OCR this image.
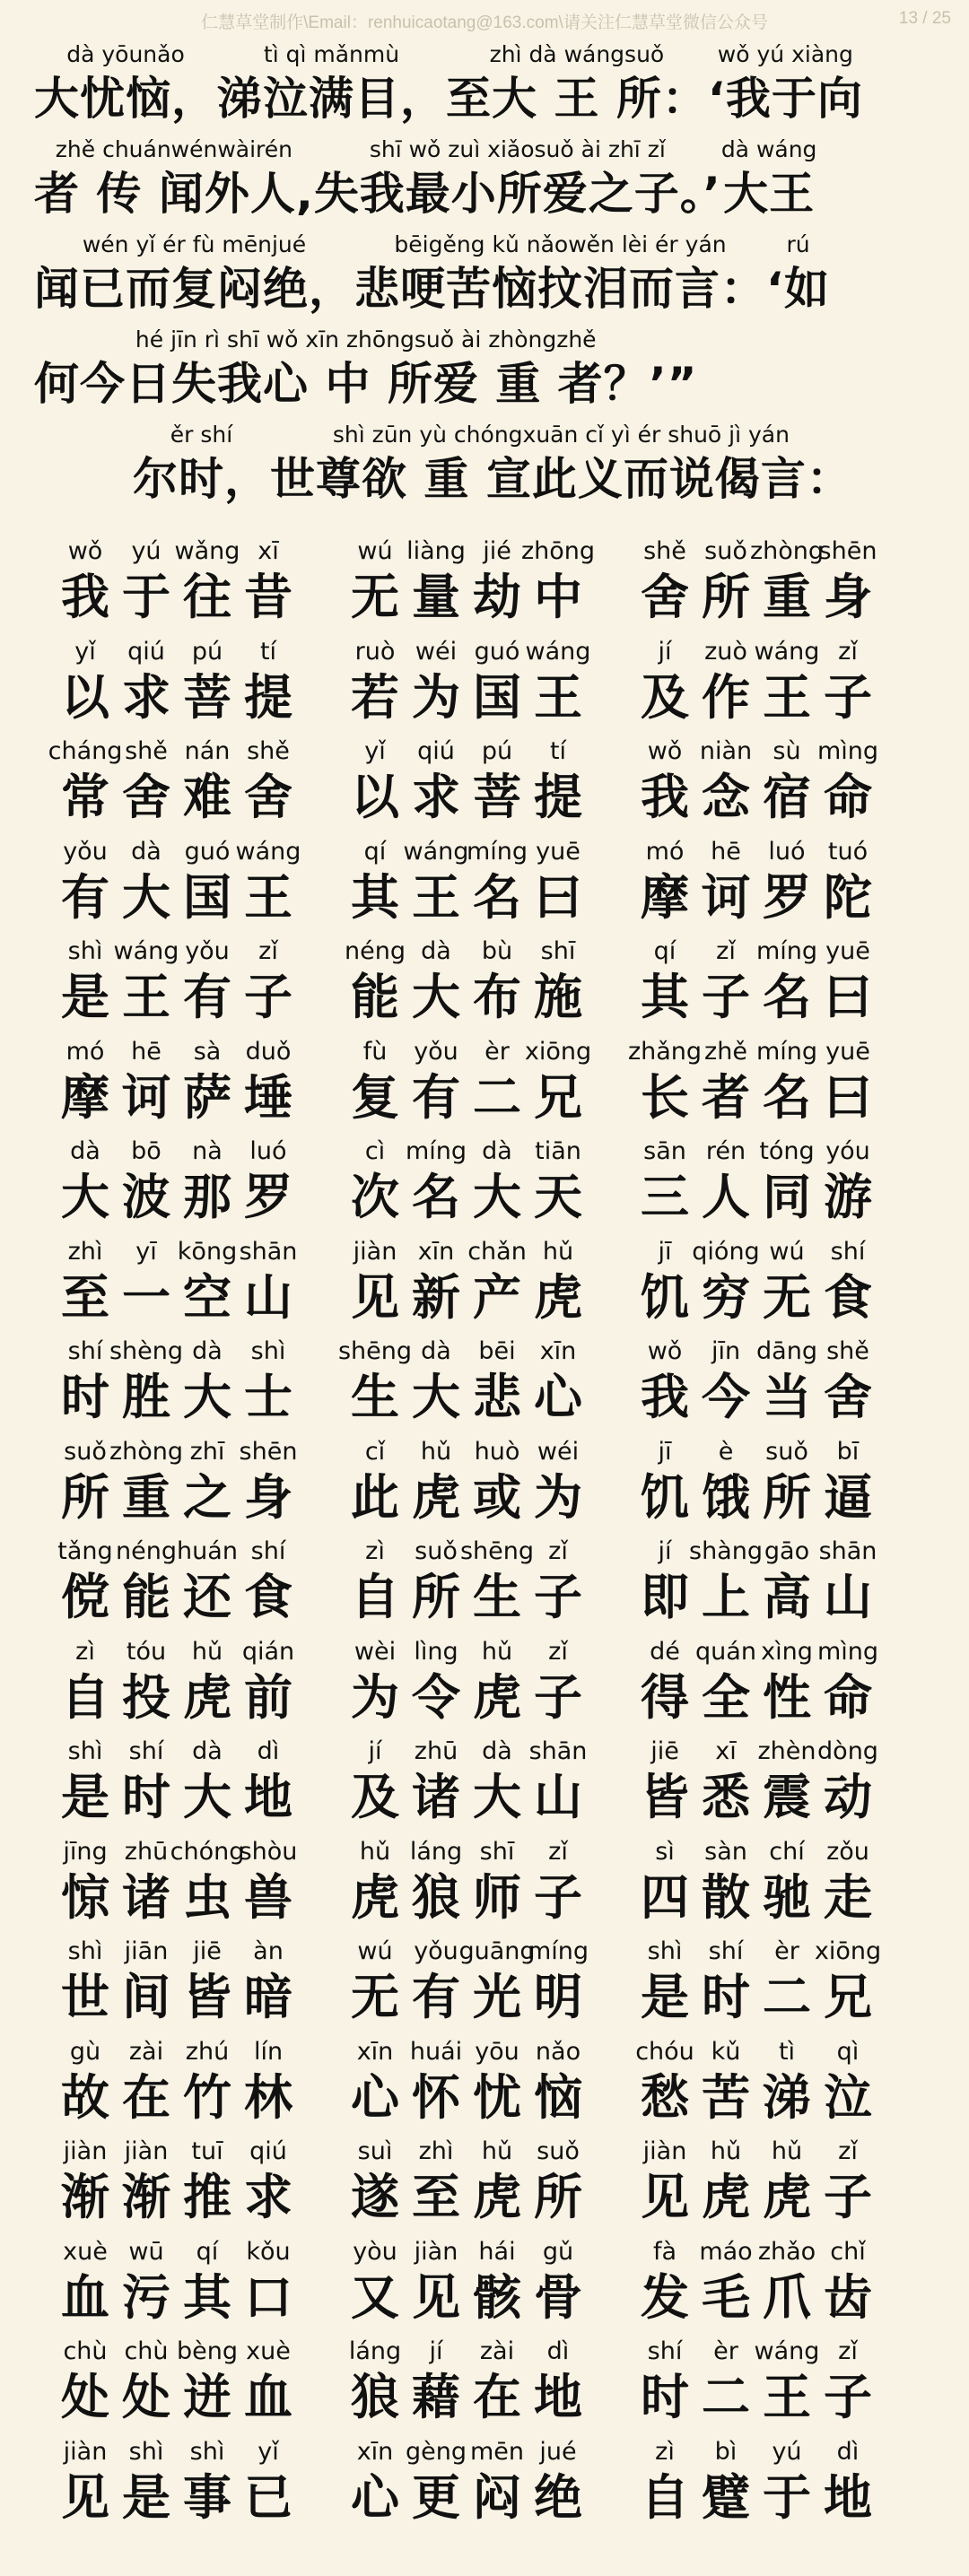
仁慧草堂制作\Email：renhuicaotang@163.com\请关注仁慧草堂微信公众号	13 / 25
dà yōunǎo
大忧恼，
tì qì mǎnmù
涕泣满目，
zhì dà wángsuǒ
至大 王 所：
wǒ yú xiàng
‘我于向
zhě chuánwénwàirén
者 传 闻外人,
shī wǒ zuì xiǎosuǒ ài zhī zǐ
失我最小所爱之子。’
dà wáng
大王
wén yǐ ér fù mēnjué
闻已而复闷绝，
bēigěng kǔ nǎowěn lèi ér yán
悲哽苦恼抆泪而言：
rú
‘如
hé jīn rì shī wǒ xīn zhōngsuǒ ài zhòngzhě
何今日失我心 中 所爱 重 者？’”
ěr shí
尔时，
shì zūn yù chóngxuān cǐ yì ér shuō jì yán
世尊欲 重 宣此义而说偈言：
wǒ
我
yú
于
wǎng
往
xī
昔
wú
无
liàng
量
jié
劫
zhōng
中
shě
舍
suǒ
所
zhòng
重
shēn
身
yǐ
以
qiú
求
pú
菩
tí
提
ruò
若
wéi
为
guó
国
wáng
王
jí
及
zuò
作
wáng
王
zǐ
子
cháng
常
shě
舍
nán
难
shě
舍
yǐ
以
qiú
求
pú
菩
tí
提
wǒ
我
niàn
念
sù
宿
mìng
命
yǒu
有
dà
大
guó
国
wáng
王
qí
其
wáng
王
míng
名
yuē
曰
mó
摩
hē
诃
luó
罗
tuó
陀
shì
是
wáng
王
yǒu
有
zǐ
子
néng
能
dà
大
bù
布
shī
施
qí
其
zǐ
子
míng
名
yuē
曰
mó
摩
hē
诃
sà
萨
duǒ
埵
fù
复
yǒu
有
èr
二
xiōng
兄
zhǎng
长
zhě
者
míng
名
yuē
曰
dà
大
bō
波
nà
那
luó
罗
cì
次
míng
名
dà
大
tiān
天
sān
三
rén
人
tóng
同
yóu
游
zhì
至
yī
一
kōng
空
shān
山
jiàn
见
xīn
新
chǎn
产
hǔ
虎
jī
饥
qióng
穷
wú
无
shí
食
shí
时
shèng
胜
dà
大
shì
士
shēng
生
dà
大
bēi
悲
xīn
心
wǒ
我
jīn
今
dāng
当
shě
舍
suǒ
所
zhòng
重
zhī
之
shēn
身
cǐ
此
hǔ
虎
huò
或
wéi
为
jī
饥
è
饿
suǒ
所
bī
逼
tǎng
傥
néng
能
huán
还
shí
食
zì
自
suǒ
所
shēng
生
zǐ
子
jí
即
shàng
上
gāo
高
shān
山
zì
自
tóu
投
hǔ
虎
qián
前
wèi
为
lìng
令
hǔ
虎
zǐ
子
dé
得
quán
全
xìng
性
mìng
命
shì
是
shí
时
dà
大
dì
地
jí
及
zhū
诸
dà
大
shān
山
jiē
皆
xī
悉
zhèn
震
dòng
动
jīng
惊
zhū
诸
chóng
虫
shòu
兽
hǔ
虎
láng
狼
shī
师
zǐ
子
sì
四
sàn
散
chí
驰
zǒu
走
shì
世
jiān
间
jiē
皆
àn
暗
wú
无
yǒu
有
guāng
光
míng
明
shì
是
shí
时
èr
二
xiōng
兄
gù
故
zài
在
zhú
竹
lín
林
xīn
心
huái
怀
yōu
忧
nǎo
恼
chóu
愁
kǔ
苦
tì
涕
qì
泣
jiàn
渐
jiàn
渐
tuī
推
qiú
求
suì
遂
zhì
至
hǔ
虎
suǒ
所
jiàn
见
hǔ
虎
hǔ
虎
zǐ
子
xuè
血
wū
污
qí
其
kǒu
口
yòu
又
jiàn
见
hái
骸
gǔ
骨
fà
发
máo
毛
zhǎo
爪
chǐ
齿
chù
处
chù
处
bèng
迸
xuè
血
láng
狼
jí
藉
zài
在
dì
地
shí
时
èr
二
wáng
王
zǐ
子
jiàn
见
shì
是
shì
事
yǐ
已
xīn
心
gèng
更
mēn
闷
jué
绝
zì
自
bì
躄
yú
于
dì
地
